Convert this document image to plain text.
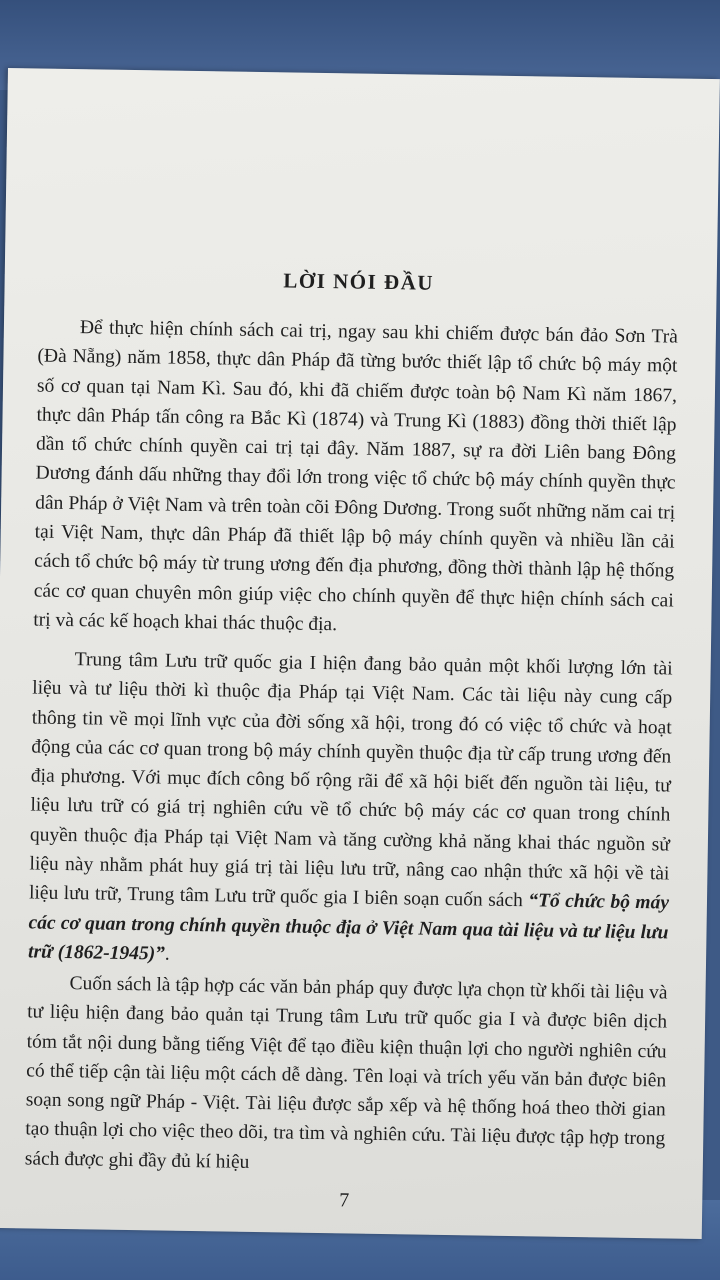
LỜI NÓI ĐẦU

Để thực hiện chính sách cai trị, ngay sau khi chiếm được bán đảo Sơn Trà (Đà Nẵng) năm 1858, thực dân Pháp đã từng bước thiết lập tổ chức bộ máy một số cơ quan tại Nam Kì. Sau đó, khi đã chiếm được toàn bộ Nam Kì năm 1867, thực dân Pháp tấn công ra Bắc Kì (1874) và Trung Kì (1883) đồng thời thiết lập dần tổ chức chính quyền cai trị tại đây. Năm 1887, sự ra đời Liên bang Đông Dương đánh dấu những thay đổi lớn trong việc tổ chức bộ máy chính quyền thực dân Pháp ở Việt Nam và trên toàn cõi Đông Dương. Trong suốt những năm cai trị tại Việt Nam, thực dân Pháp đã thiết lập bộ máy chính quyền và nhiều lần cải cách tổ chức bộ máy từ trung ương đến địa phương, đồng thời thành lập hệ thống các cơ quan chuyên môn giúp việc cho chính quyền để thực hiện chính sách cai trị và các kế hoạch khai thác thuộc địa.

Trung tâm Lưu trữ quốc gia I hiện đang bảo quản một khối lượng lớn tài liệu và tư liệu thời kì thuộc địa Pháp tại Việt Nam. Các tài liệu này cung cấp thông tin về mọi lĩnh vực của đời sống xã hội, trong đó có việc tổ chức và hoạt động của các cơ quan trong bộ máy chính quyền thuộc địa từ cấp trung ương đến địa phương. Với mục đích công bố rộng rãi để xã hội biết đến nguồn tài liệu, tư liệu lưu trữ có giá trị nghiên cứu về tổ chức bộ máy các cơ quan trong chính quyền thuộc địa Pháp tại Việt Nam và tăng cường khả năng khai thác nguồn sử liệu này nhằm phát huy giá trị tài liệu lưu trữ, nâng cao nhận thức xã hội về tài liệu lưu trữ, Trung tâm Lưu trữ quốc gia I biên soạn cuốn sách “Tổ chức bộ máy các cơ quan trong chính quyền thuộc địa ở Việt Nam qua tài liệu và tư liệu lưu trữ (1862-1945)”.

Cuốn sách là tập hợp các văn bản pháp quy được lựa chọn từ khối tài liệu và tư liệu hiện đang bảo quản tại Trung tâm Lưu trữ quốc gia I và được biên dịch tóm tắt nội dung bằng tiếng Việt để tạo điều kiện thuận lợi cho người nghiên cứu có thể tiếp cận tài liệu một cách dễ dàng. Tên loại và trích yếu văn bản được biên soạn song ngữ Pháp - Việt. Tài liệu được sắp xếp và hệ thống hoá theo thời gian tạo thuận lợi cho việc theo dõi, tra tìm và nghiên cứu. Tài liệu được tập hợp trong sách được ghi đầy đủ kí hiệu

7
